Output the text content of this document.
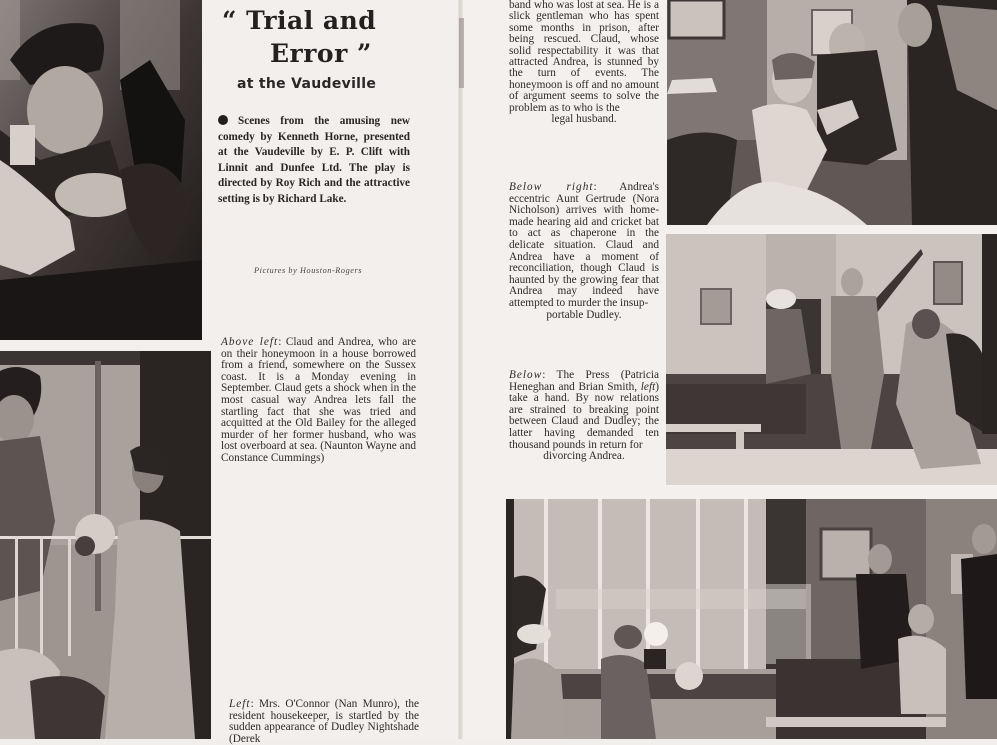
“ Trial and
Error ”
at the Vaudeville
Scenes from the amusing new comedy by Kenneth Horne, presented at the Vaudeville by E. P. Clift with Linnit and Dunfee Ltd. The play is directed by Roy Rich and the attractive setting is by Richard Lake.
Pictures by Houston-Rogers
Above left: Claud and Andrea, who are on their honeymoon in a house borrowed from a friend, somewhere on the Sussex coast. It is a Monday evening in September. Claud gets a shock when in the most casual way Andrea lets fall the startling fact that she was tried and acquitted at the Old Bailey for the alleged murder of her former husband, who was lost overboard at sea. (Naunton Wayne and Constance Cummings)
Left: Mrs. O'Connor (Nan Munro), the resident housekeeper, is startled by the sudden appearance of Dudley Nightshade (Derek
band who was lost at sea. He is a slick gentleman who has spent some months in prison, after being rescued. Claud, whose solid respectability it was that attracted Andrea, is stunned by the turn of events. The honeymoon is off and no amount of argument seems to solve the problem as to who is the
legal husband.
Below right: Andrea's eccentric Aunt Gertrude (Nora Nicholson) arrives with home-made hearing aid and cricket bat to act as chaperone in the delicate situation. Claud and Andrea have a moment of reconciliation, though Claud is haunted by the growing fear that Andrea may indeed have attempted to murder the insup-
portable Dudley.
Below: The Press (Patricia Heneghan and Brian Smith, left) take a hand. By now relations are strained to breaking point between Claud and Dudley; the latter having demanded ten thousand pounds in return for
divorcing Andrea.
